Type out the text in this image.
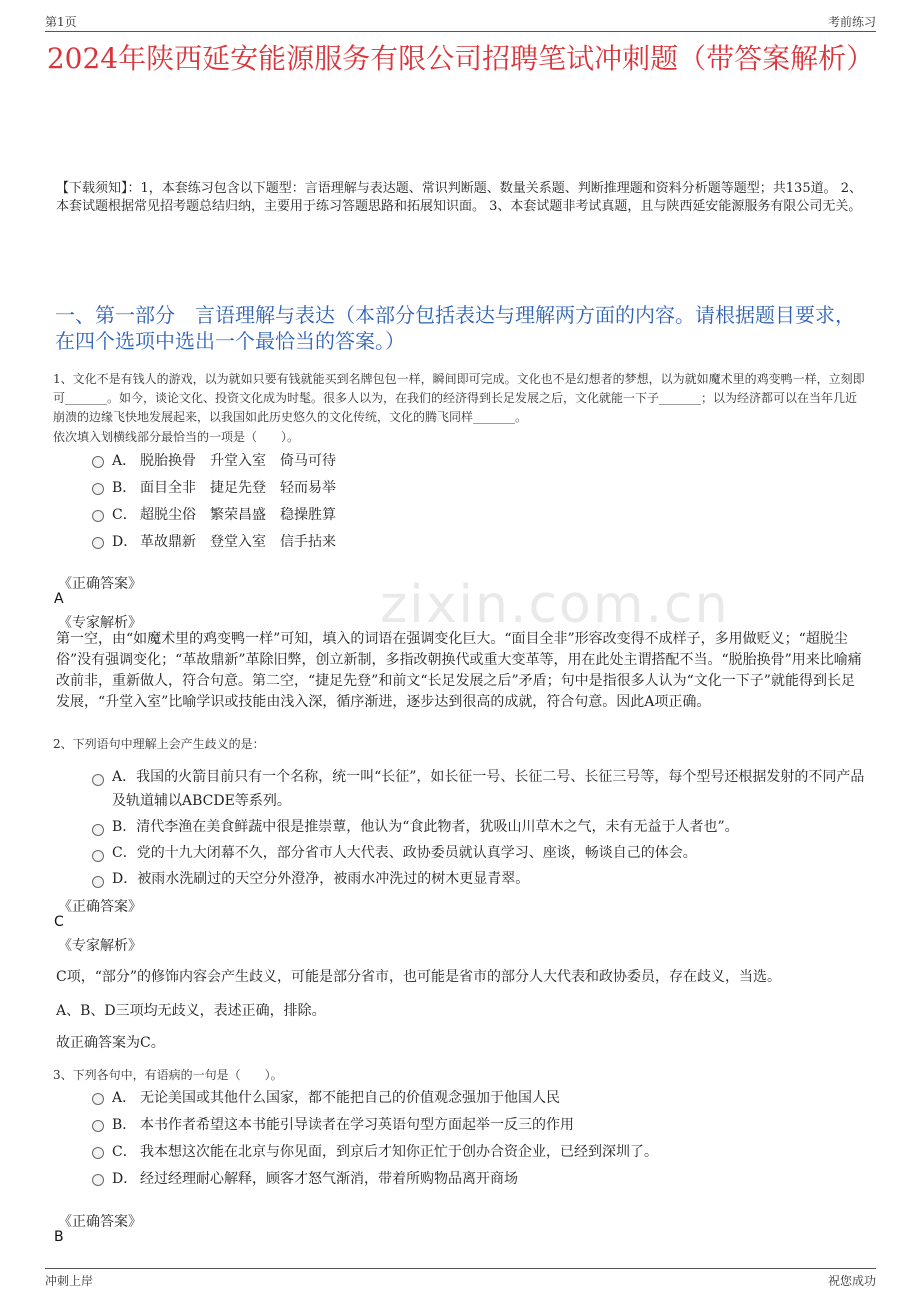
第1页	考前练习
2024年陕西延安能源服务有限公司招聘笔试冲刺题（带答案解析）
【下载须知】：1，本套练习包含以下题型：言语理解与表达题、常识判断题、数量关系题、判断推理题和资料分析题等题型；共135道。 2、本套试题根据常见招考题总结归纳，主要用于练习答题思路和拓展知识面。 3、本套试题非考试真题，且与陕西延安能源服务有限公司无关。
一、第一部分　言语理解与表达（本部分包括表达与理解两方面的内容。请根据题目要求，在四个选项中选出一个最恰当的答案。）
zixin.com.cn
1、文化不是有钱人的游戏，以为就如只要有钱就能买到名牌包包一样，瞬间即可完成。文化也不是幻想者的梦想，以为就如魔术里的鸡变鸭一样，立刻即可_______。如今，谈论文化、投资文化成为时髦。很多人以为，在我们的经济得到长足发展之后，文化就能一下子_______；以为经济都可以在当年几近崩溃的边缘飞快地发展起来，以我国如此历史悠久的文化传统，文化的腾飞同样_______。
依次填入划横线部分最恰当的一项是（　　）。
A． 脱胎换骨　升堂入室　倚马可待
B． 面目全非　捷足先登　轻而易举
C． 超脱尘俗　繁荣昌盛　稳操胜算
D． 革故鼎新　登堂入室　信手拈来
《正确答案》
A
《专家解析》
第一空，由“如魔术里的鸡变鸭一样”可知，填入的词语在强调变化巨大。“面目全非”形容改变得不成样子，多用做贬义；“超脱尘俗”没有强调变化；“革故鼎新”革除旧弊，创立新制，多指改朝换代或重大变革等，用在此处主谓搭配不当。“脱胎换骨”用来比喻痛改前非，重新做人，符合句意。第二空，“捷足先登”和前文“长足发展之后”矛盾；句中是指很多人认为“文化一下子”就能得到长足发展，“升堂入室”比喻学识或技能由浅入深，循序渐进，逐步达到很高的成就，符合句意。因此A项正确。
2、下列语句中理解上会产生歧义的是：
A．我国的火箭目前只有一个名称，统一叫“长征”，如长征一号、长征二号、长征三号等，每个型号还根据发射的不同产品及轨道辅以ABCDE等系列。
B．清代李渔在美食鲜蔬中很是推崇蕈，他认为“食此物者，犹吸山川草木之气，未有无益于人者也”。
C．党的十九大闭幕不久，部分省市人大代表、政协委员就认真学习、座谈，畅谈自己的体会。
D．被雨水洗刷过的天空分外澄净，被雨水冲洗过的树木更显青翠。
《正确答案》
C
《专家解析》
C项，“部分”的修饰内容会产生歧义，可能是部分省市，也可能是省市的部分人大代表和政协委员，存在歧义，当选。
A、B、D三项均无歧义，表述正确，排除。
故正确答案为C。
3、下列各句中，有语病的一句是（　　）。
A． 无论美国或其他什么国家，都不能把自己的价值观念强加于他国人民
B． 本书作者希望这本书能引导读者在学习英语句型方面起举一反三的作用
C． 我本想这次能在北京与你见面，到京后才知你正忙于创办合资企业，已经到深圳了。
D． 经过经理耐心解释，顾客才怒气渐消，带着所购物品离开商场
《正确答案》
B
冲刺上岸	祝您成功
